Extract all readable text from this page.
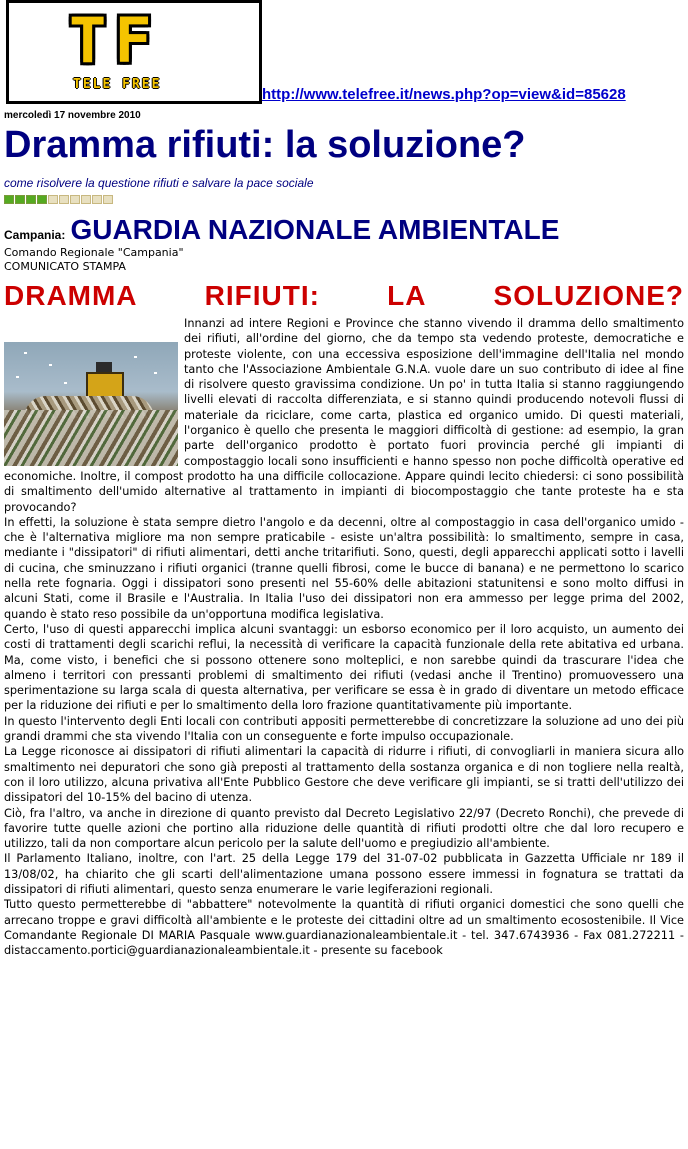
T F
TELE FREE
http://www.telefree.it/news.php?op=view&id=85628
mercoledì 17 novembre 2010
Dramma rifiuti: la soluzione?
come risolvere la questione rifiuti e salvare la pace sociale
Campania: GUARDIA NAZIONALE AMBIENTALE
Comando Regionale "Campania"
COMUNICATO STAMPA
DRAMMA RIFIUTI: LA SOLUZIONE?

Innanzi ad intere Regioni e Province che stanno vivendo il dramma dello smaltimento dei rifiuti, all'ordine del giorno, che da tempo sta vedendo proteste, democratiche e proteste violente, con una eccessiva esposizione dell'immagine dell'Italia nel mondo tanto che l'Associazione Ambientale G.N.A. vuole dare un suo contributo di idee al fine di risolvere questo gravissima condizione. Un po' in tutta Italia si stanno raggiungendo livelli elevati di raccolta differenziata, e si stanno quindi producendo notevoli flussi di materiale da riciclare, come carta, plastica ed organico umido. Di questi materiali, l'organico è quello che presenta le maggiori difficoltà di gestione: ad esempio, la gran parte dell'organico prodotto è portato fuori provincia perché gli impianti di compostaggio locali sono insufficienti e hanno spesso non poche difficoltà operative ed economiche. Inoltre, il compost prodotto ha una difficile collocazione. Appare quindi lecito chiedersi: ci sono possibilità di smaltimento dell'umido alternative al trattamento in impianti di biocompostaggio che tante proteste ha e sta provocando?

In effetti, la soluzione è stata sempre dietro l'angolo e da decenni, oltre al compostaggio in casa dell'organico umido - che è l'alternativa migliore ma non sempre praticabile - esiste un'altra possibilità: lo smaltimento, sempre in casa, mediante i "dissipatori" di rifiuti alimentari, detti anche tritarifiuti. Sono, questi, degli apparecchi applicati sotto i lavelli di cucina, che sminuzzano i rifiuti organici (tranne quelli fibrosi, come le bucce di banana) e ne permettono lo scarico nella rete fognaria. Oggi i dissipatori sono presenti nel 55-60% delle abitazioni statunitensi e sono molto diffusi in alcuni Stati, come il Brasile e l'Australia. In Italia l'uso dei dissipatori non era ammesso per legge prima del 2002, quando è stato reso possibile da un'opportuna modifica legislativa.

Certo, l'uso di questi apparecchi implica alcuni svantaggi: un esborso economico per il loro acquisto, un aumento dei costi di trattamenti degli scarichi reflui, la necessità di verificare la capacità funzionale della rete abitativa ed urbana. Ma, come visto, i benefici che si possono ottenere sono molteplici, e non sarebbe quindi da trascurare l'idea che almeno i territori con pressanti problemi di smaltimento dei rifiuti (vedasi anche il Trentino) promuovessero una sperimentazione su larga scala di questa alternativa, per verificare se essa è in grado di diventare un metodo efficace per la riduzione dei rifiuti e per lo smaltimento della loro frazione quantitativamente più importante.

In questo l'intervento degli Enti locali con contributi appositi permetterebbe di concretizzare la soluzione ad uno dei più grandi drammi che sta vivendo l'Italia con un conseguente e forte impulso occupazionale.

La Legge riconosce ai dissipatori di rifiuti alimentari la capacità di ridurre i rifiuti, di convogliarli in maniera sicura allo smaltimento nei depuratori che sono già preposti al trattamento della sostanza organica e di non togliere nella realtà, con il loro utilizzo, alcuna privativa all'Ente Pubblico Gestore che deve verificare gli impianti, se si tratti dell'utilizzo dei dissipatori del 10-15% del bacino di utenza.

Ciò, fra l'altro, va anche in direzione di quanto previsto dal Decreto Legislativo 22/97 (Decreto Ronchi), che prevede di favorire tutte quelle azioni che portino alla riduzione delle quantità di rifiuti prodotti oltre che dal loro recupero e utilizzo, tali da non comportare alcun pericolo per la salute dell'uomo e pregiudizio all'ambiente.

Il Parlamento Italiano, inoltre, con l'art. 25 della Legge 179 del 31-07-02 pubblicata in Gazzetta Ufficiale nr 189 il 13/08/02, ha chiarito che gli scarti dell'alimentazione umana possono essere immessi in fognatura se trattati da dissipatori di rifiuti alimentari, questo senza enumerare le varie legiferazioni regionali.

Tutto questo permetterebbe di "abbattere" notevolmente la quantità di rifiuti organici domestici che sono quelli che arrecano troppe e gravi difficoltà all'ambiente e le proteste dei cittadini oltre ad un smaltimento ecosostenibile. Il Vice Comandante Regionale DI MARIA Pasquale www.guardianazionaleambientale.it - tel. 347.6743936 - Fax 081.272211 - distaccamento.portici@guardianazionaleambientale.it - presente su facebook
